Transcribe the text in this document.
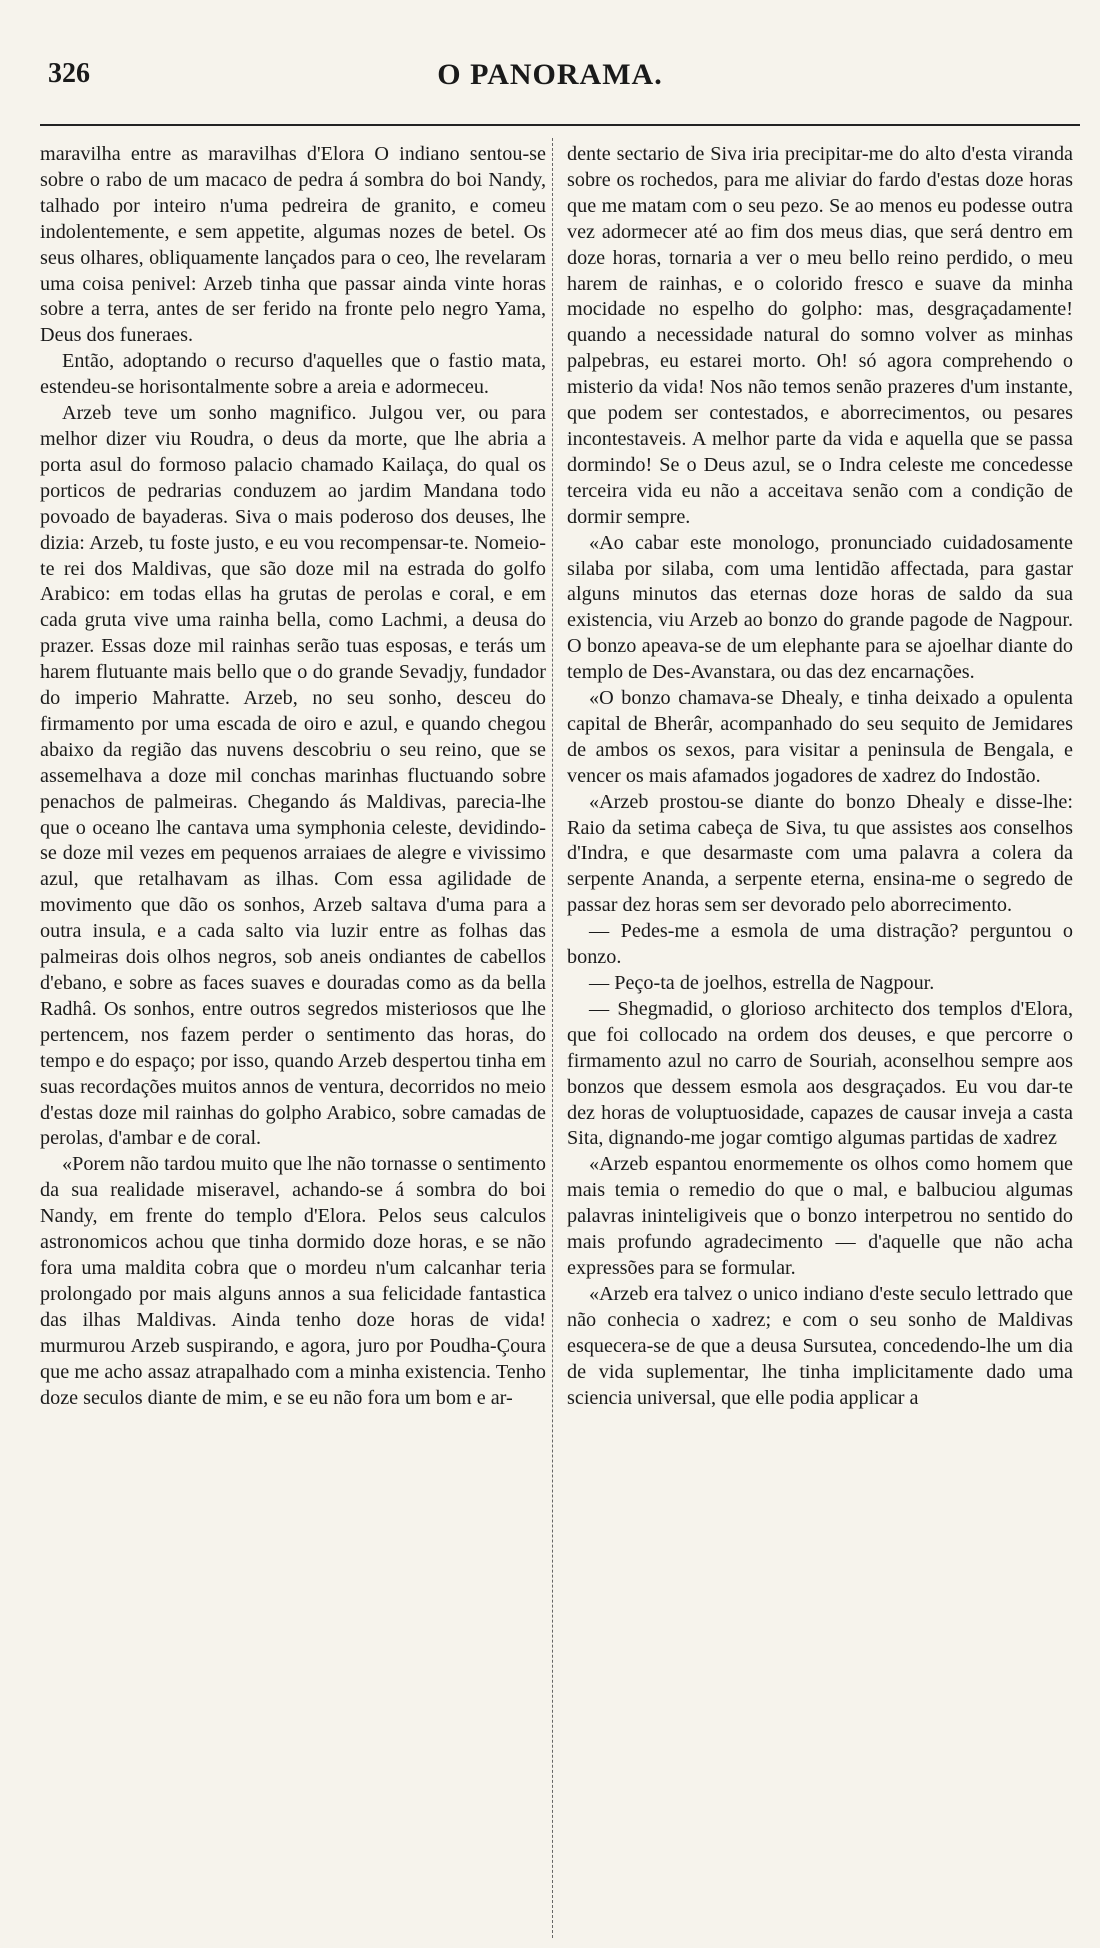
326	O PANORAMA.

maravilha entre as maravilhas d'Elora O indiano sentou-se sobre o rabo de um macaco de pedra á sombra do boi Nandy, talhado por inteiro n'uma pedreira de granito, e comeu indolentemente, e sem appetite, algumas nozes de betel. Os seus olhares, obliquamente lançados para o ceo, lhe revelaram uma coisa penivel: Arzeb tinha que passar ainda vinte horas sobre a terra, antes de ser ferido na fronte pelo negro Yama, Deus dos funeraes.

Então, adoptando o recurso d'aquelles que o fastio mata, estendeu-se horisontalmente sobre a areia e adormeceu.

Arzeb teve um sonho magnifico. Julgou ver, ou para melhor dizer viu Roudra, o deus da morte, que lhe abria a porta asul do formoso palacio chamado Kailaça, do qual os porticos de pedrarias conduzem ao jardim Mandana todo povoado de bayaderas. Siva o mais poderoso dos deuses, lhe dizia: Arzeb, tu foste justo, e eu vou recompensar-te. Nomeio-te rei dos Maldivas, que são doze mil na estrada do golfo Arabico: em todas ellas ha grutas de perolas e coral, e em cada gruta vive uma rainha bella, como Lachmi, a deusa do prazer. Essas doze mil rainhas serão tuas esposas, e terás um harem flutuante mais bello que o do grande Sevadjy, fundador do imperio Mahratte. Arzeb, no seu sonho, desceu do firmamento por uma escada de oiro e azul, e quando chegou abaixo da região das nuvens descobriu o seu reino, que se assemelhava a doze mil conchas marinhas fluctuando sobre penachos de palmeiras. Chegando ás Maldivas, parecia-lhe que o oceano lhe cantava uma symphonia celeste, devidindo-se doze mil vezes em pequenos arraiaes de alegre e vivissimo azul, que retalhavam as ilhas. Com essa agilidade de movimento que dão os sonhos, Arzeb saltava d'uma para a outra insula, e a cada salto via luzir entre as folhas das palmeiras dois olhos negros, sob aneis ondiantes de cabellos d'ebano, e sobre as faces suaves e douradas como as da bella Radhâ. Os sonhos, entre outros segredos misteriosos que lhe pertencem, nos fazem perder o sentimento das horas, do tempo e do espaço; por isso, quando Arzeb despertou tinha em suas recordações muitos annos de ventura, decorridos no meio d'estas doze mil rainhas do golpho Arabico, sobre camadas de perolas, d'ambar e de coral.

«Porem não tardou muito que lhe não tornasse o sentimento da sua realidade miseravel, achando-se á sombra do boi Nandy, em frente do templo d'Elora. Pelos seus calculos astronomicos achou que tinha dormido doze horas, e se não fora uma maldita cobra que o mordeu n'um calcanhar teria prolongado por mais alguns annos a sua felicidade fantastica das ilhas Maldivas. Ainda tenho doze horas de vida! murmurou Arzeb suspirando, e agora, juro por Poudha-Çoura que me acho assaz atrapalhado com a minha existencia. Tenho doze seculos diante de mim, e se eu não fora um bom e ar-

dente sectario de Siva iria precipitar-me do alto d'esta viranda sobre os rochedos, para me aliviar do fardo d'estas doze horas que me matam com o seu pezo. Se ao menos eu podesse outra vez adormecer até ao fim dos meus dias, que será dentro em doze horas, tornaria a ver o meu bello reino perdido, o meu harem de rainhas, e o colorido fresco e suave da minha mocidade no espelho do golpho: mas, desgraçadamente! quando a necessidade natural do somno volver as minhas palpebras, eu estarei morto. Oh! só agora comprehendo o misterio da vida! Nos não temos senão prazeres d'um instante, que podem ser contestados, e aborrecimentos, ou pesares incontestaveis. A melhor parte da vida e aquella que se passa dormindo! Se o Deus azul, se o Indra celeste me concedesse terceira vida eu não a acceitava senão com a condição de dormir sempre.

«Ao cabar este monologo, pronunciado cuidadosamente silaba por silaba, com uma lentidão affectada, para gastar alguns minutos das eternas doze horas de saldo da sua existencia, viu Arzeb ao bonzo do grande pagode de Nagpour. O bonzo apeava-se de um elephante para se ajoelhar diante do templo de Des-Avanstara, ou das dez encarnações.

«O bonzo chamava-se Dhealy, e tinha deixado a opulenta capital de Bherâr, acompanhado do seu sequito de Jemidares de ambos os sexos, para visitar a peninsula de Bengala, e vencer os mais afamados jogadores de xadrez do Indostão.

«Arzeb prostou-se diante do bonzo Dhealy e disse-lhe: Raio da setima cabeça de Siva, tu que assistes aos conselhos d'Indra, e que desarmaste com uma palavra a colera da serpente Ananda, a serpente eterna, ensina-me o segredo de passar dez horas sem ser devorado pelo aborrecimento.

— Pedes-me a esmola de uma distração? perguntou o bonzo.

— Peço-ta de joelhos, estrella de Nagpour.

— Shegmadid, o glorioso architecto dos templos d'Elora, que foi collocado na ordem dos deuses, e que percorre o firmamento azul no carro de Souriah, aconselhou sempre aos bonzos que dessem esmola aos desgraçados. Eu vou dar-te dez horas de voluptuosidade, capazes de causar inveja a casta Sita, dignando-me jogar comtigo algumas partidas de xadrez

«Arzeb espantou enormemente os olhos como homem que mais temia o remedio do que o mal, e balbuciou algumas palavras ininteligiveis que o bonzo interpetrou no sentido do mais profundo agradecimento — d'aquelle que não acha expressões para se formular.

«Arzeb era talvez o unico indiano d'este seculo lettrado que não conhecia o xadrez; e com o seu sonho de Maldivas esquecera-se de que a deusa Sursutea, concedendo-lhe um dia de vida suplementar, lhe tinha implicitamente dado uma sciencia universal, que elle podia applicar a
